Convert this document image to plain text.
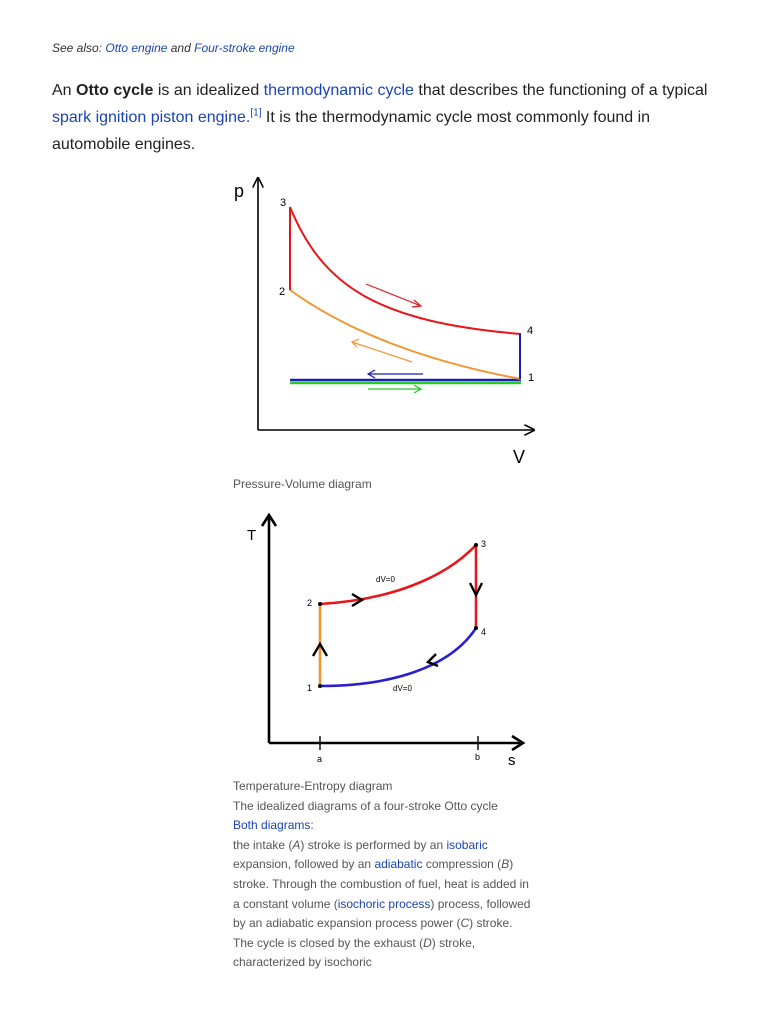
See also: Otto engine and Four-stroke engine
An Otto cycle is an idealized thermodynamic cycle that describes the functioning of a typical spark ignition piston engine.[1] It is the thermodynamic cycle most commonly found in automobile engines.
p
V
3
2
4
1
Pressure-Volume diagram
T
s
a	b
1
2
3
4
dV=0
dV=0
Temperature-Entropy diagram
The idealized diagrams of a four-stroke Otto cycle
Both diagrams:
the intake (A) stroke is performed by an isobaric expansion, followed by an adiabatic compression (B) stroke. Through the combustion of fuel, heat is added in a constant volume (isochoric process) process, followed by an adiabatic expansion process power (C) stroke. The cycle is closed by the exhaust (D) stroke, characterized by isochoric
